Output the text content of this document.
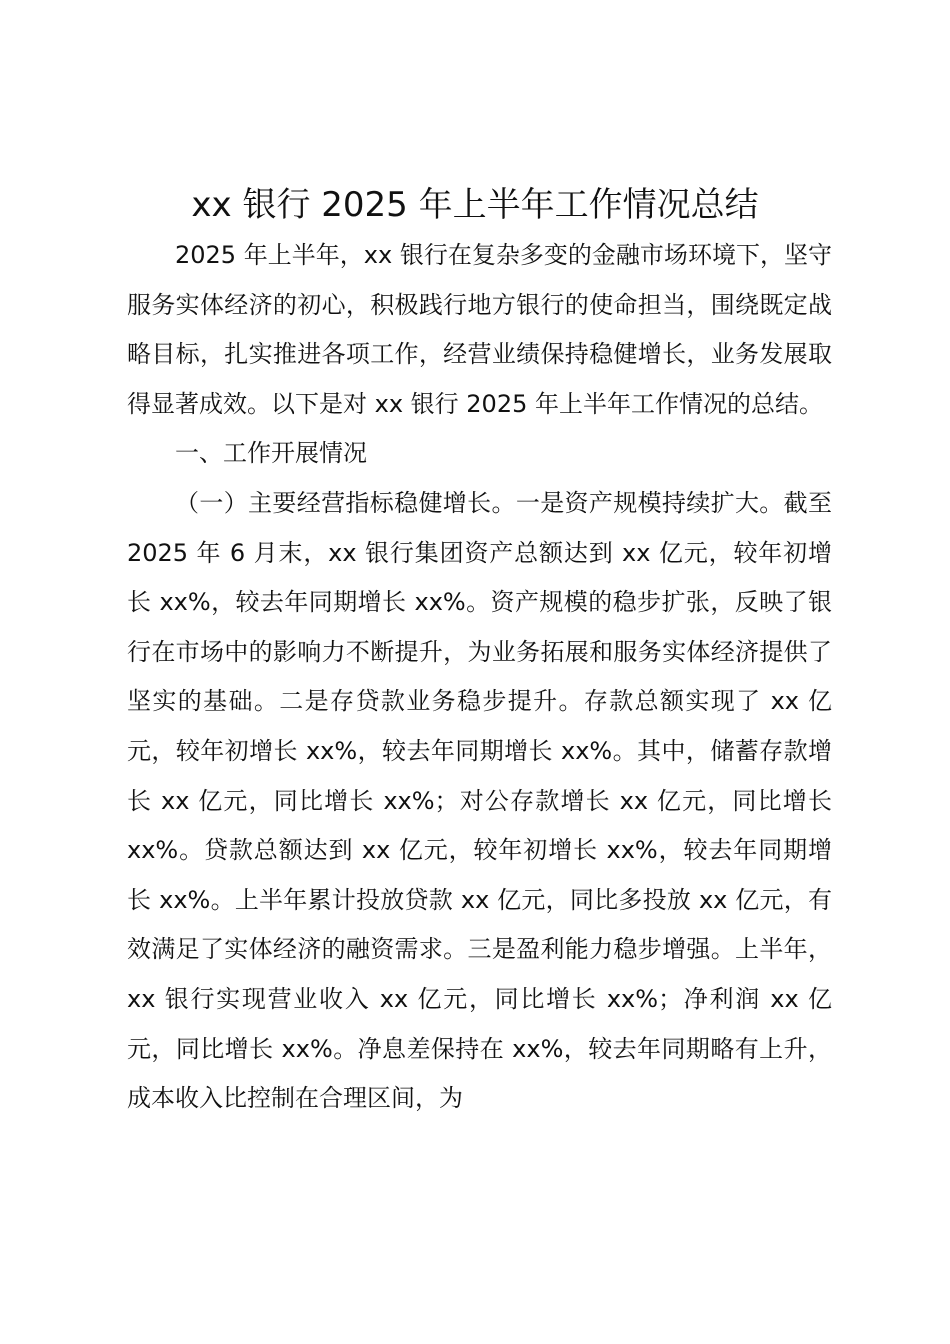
xx 银行 2025 年上半年工作情况总结

2025 年上半年，xx 银行在复杂多变的金融市场环境下，坚守服务实体经济的初心，积极践行地方银行的使命担当，围绕既定战略目标，扎实推进各项工作，经营业绩保持稳健增长，业务发展取得显著成效。以下是对 xx 银行 2025 年上半年工作情况的总结。

一、工作开展情况

（一）主要经营指标稳健增长。一是资产规模持续扩大。截至 2025 年 6 月末，xx 银行集团资产总额达到 xx 亿元，较年初增长 xx%，较去年同期增长 xx%。资产规模的稳步扩张，反映了银行在市场中的影响力不断提升，为业务拓展和服务实体经济提供了坚实的基础。二是存贷款业务稳步提升。存款总额实现了 xx 亿元，较年初增长 xx%，较去年同期增长 xx%。其中，储蓄存款增长 xx 亿元，同比增长 xx%；对公存款增长 xx 亿元，同比增长 xx%。贷款总额达到 xx 亿元，较年初增长 xx%，较去年同期增长 xx%。上半年累计投放贷款 xx 亿元，同比多投放 xx 亿元，有效满足了实体经济的融资需求。三是盈利能力稳步增强。上半年，xx 银行实现营业收入 xx 亿元，同比增长 xx%；净利润 xx 亿元，同比增长 xx%。净息差保持在 xx%，较去年同期略有上升，成本收入比控制在合理区间，为
